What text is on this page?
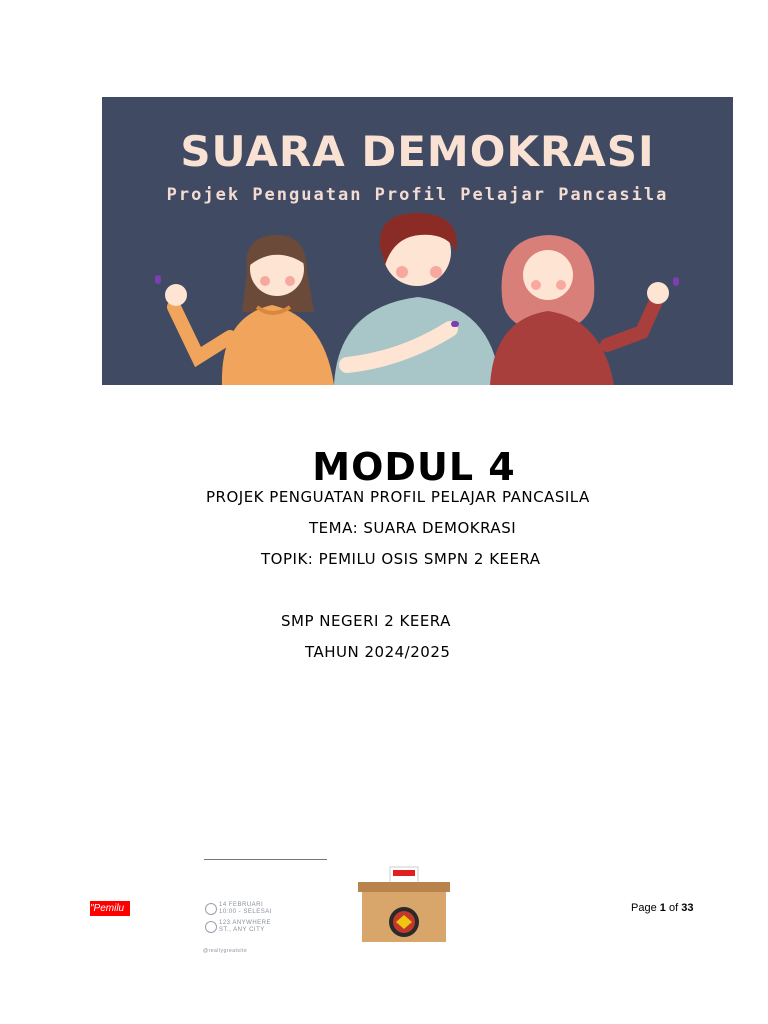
SUARA DEMOKRASI
Projek Penguatan Profil Pelajar Pancasila
MODUL 4
PROJEK PENGUATAN PROFIL PELAJAR PANCASILA
TEMA: SUARA DEMOKRASI
TOPIK: PEMILU OSIS SMPN 2 KEERA
SMP NEGERI 2 KEERA
TAHUN 2024/2025
"Pemilu	14 FEBRUARI
10:00 - SELESAI
123 ANYWHERE
ST., ANY CITY
@reallygreatsite
Page 1 of 33
